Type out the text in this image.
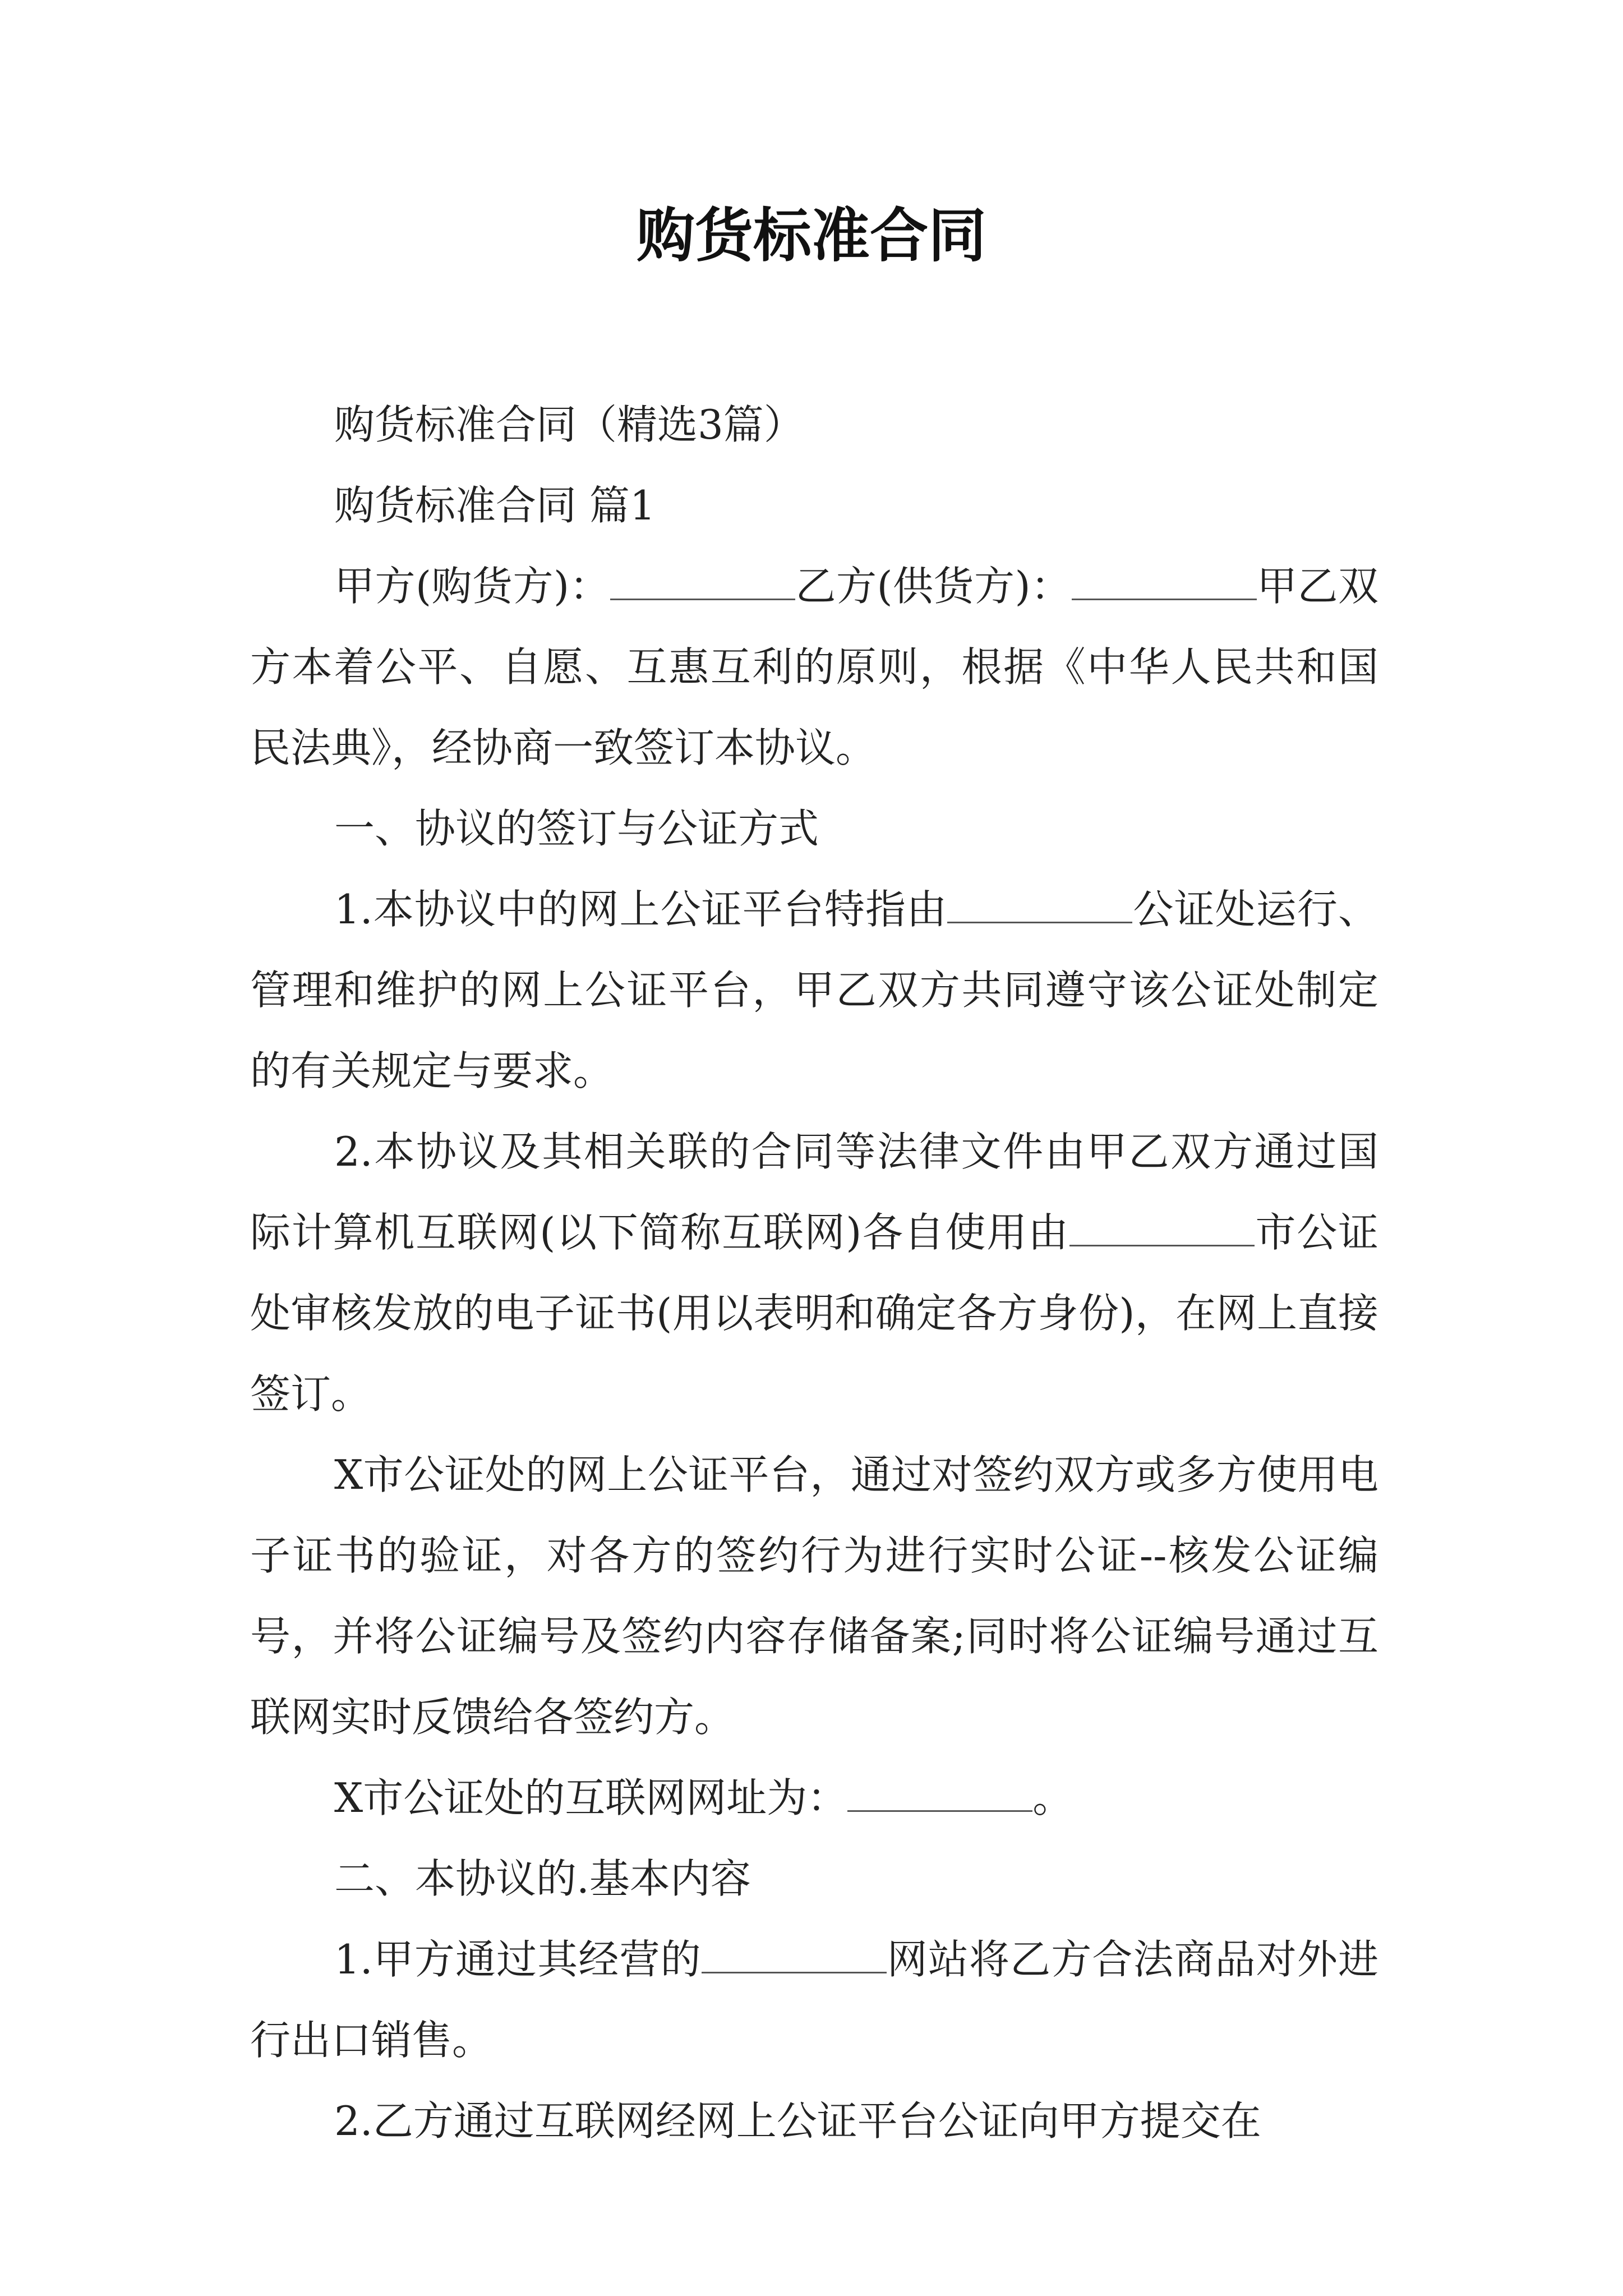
购货标准合同

购货标准合同（精选3篇）

购货标准合同 篇1

甲方(购货方)：	乙方(供货方)：	甲乙双方本着公平、自愿、互惠互利的原则，根据《中华人民共和国民法典》，经协商一致签订本协议。

一、协议的签订与公证方式

1.本协议中的网上公证平台特指由	公证处运行、管理和维护的网上公证平台，甲乙双方共同遵守该公证处制定的有关规定与要求。

2.本协议及其相关联的合同等法律文件由甲乙双方通过国际计算机互联网(以下简称互联网)各自使用由	市公证处审核发放的电子证书(用以表明和确定各方身份)，在网上直接签订。

X市公证处的网上公证平台，通过对签约双方或多方使用电子证书的验证，对各方的签约行为进行实时公证--核发公证编号，并将公证编号及签约内容存储备案;同时将公证编号通过互联网实时反馈给各签约方。

X市公证处的互联网网址为：	。

二、本协议的.基本内容

1.甲方通过其经营的	网站将乙方合法商品对外进行出口销售。

2.乙方通过互联网经网上公证平台公证向甲方提交在
